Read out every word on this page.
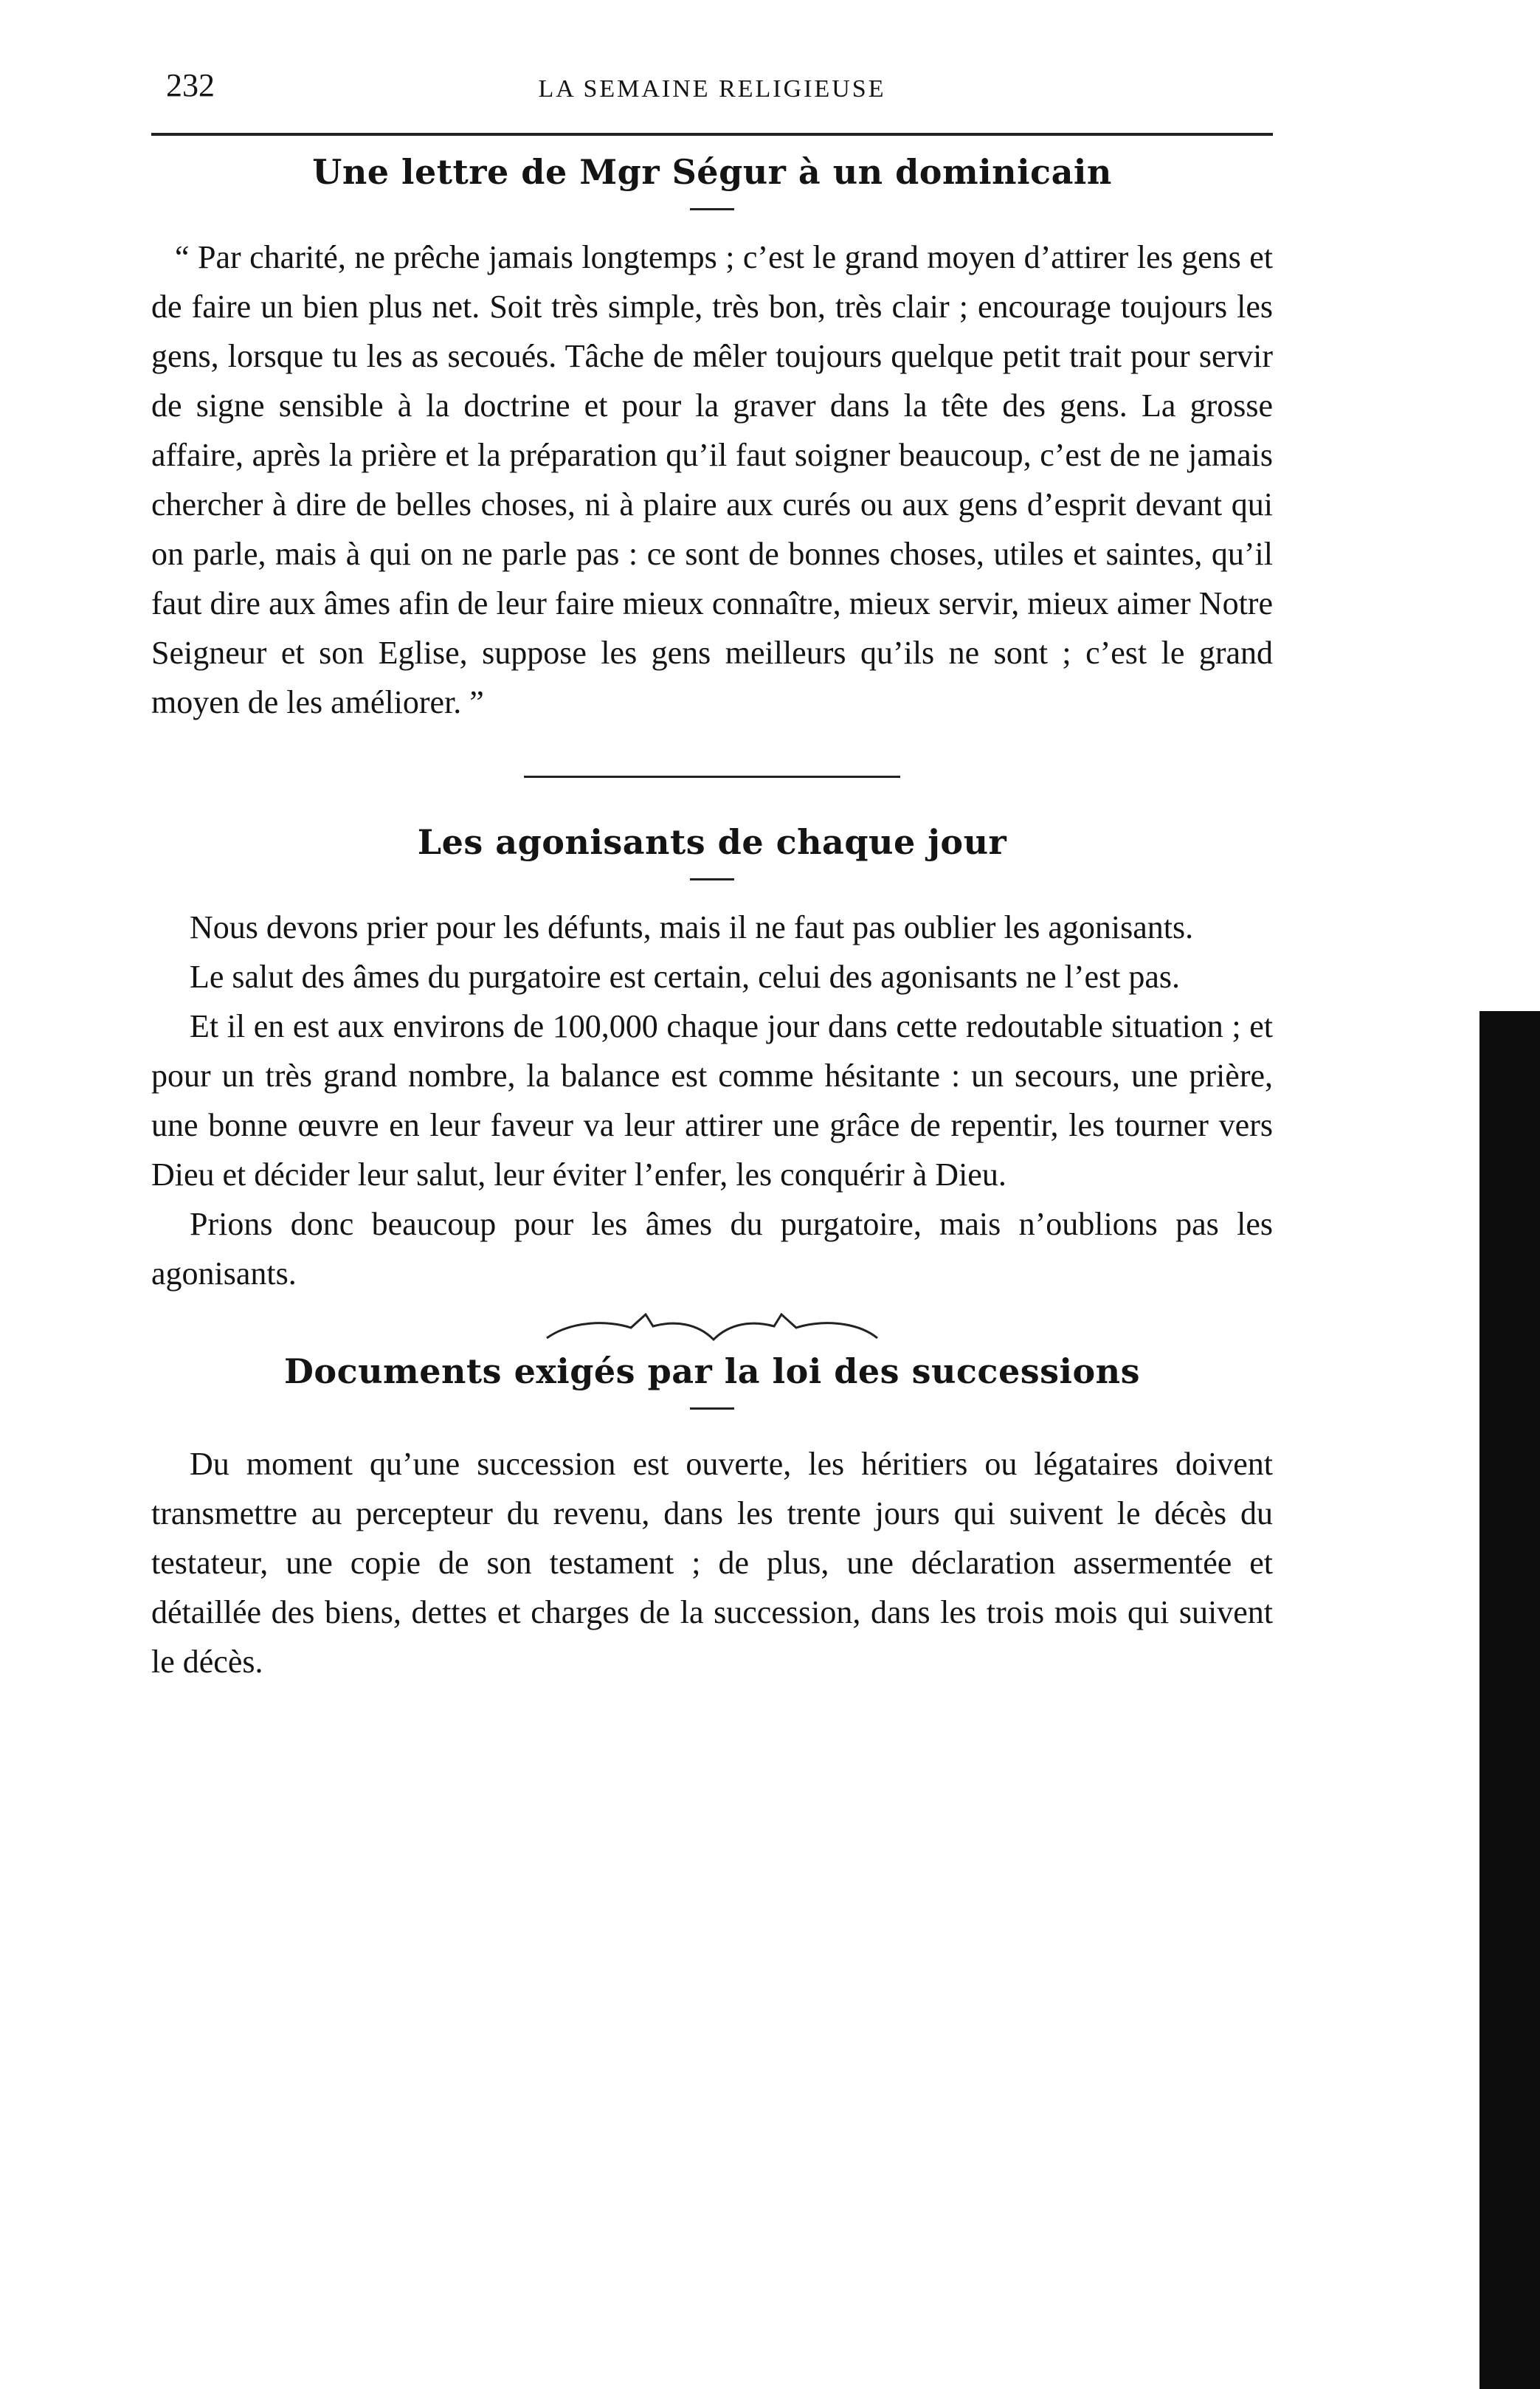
232	LA SEMAINE RELIGIEUSE
Une lettre de Mgr Ségur à un dominicain

“ Par charité, ne prêche jamais longtemps ; c’est le grand moyen d’attirer les gens et de faire un bien plus net. Soit très simple, très bon, très clair ; encourage toujours les gens, lorsque tu les as secoués. Tâche de mêler toujours quelque petit trait pour servir de signe sensible à la doctrine et pour la graver dans la tête des gens. La grosse affaire, après la prière et la préparation qu’il faut soigner beaucoup, c’est de ne jamais chercher à dire de belles choses, ni à plaire aux curés ou aux gens d’esprit devant qui on parle, mais à qui on ne parle pas : ce sont de bonnes choses, utiles et saintes, qu’il faut dire aux âmes afin de leur faire mieux connaître, mieux servir, mieux aimer Notre Seigneur et son Eglise, suppose les gens meilleurs qu’ils ne sont ; c’est le grand moyen de les améliorer. ”

Les agonisants de chaque jour

Nous devons prier pour les défunts, mais il ne faut pas oublier les agonisants.

Le salut des âmes du purgatoire est certain, celui des agonisants ne l’est pas.

Et il en est aux environs de 100,000 chaque jour dans cette redoutable situation ; et pour un très grand nombre, la balance est comme hésitante : un secours, une prière, une bonne œuvre en leur faveur va leur attirer une grâce de repentir, les tourner vers Dieu et décider leur salut, leur éviter l’enfer, les conquérir à Dieu.

Prions donc beaucoup pour les âmes du purgatoire, mais n’oublions pas les agonisants.

Documents exigés par la loi des successions

Du moment qu’une succession est ouverte, les héritiers ou légataires doivent transmettre au percepteur du revenu, dans les trente jours qui suivent le décès du testateur, une copie de son testament ; de plus, une déclaration assermentée et détaillée des biens, dettes et charges de la succession, dans les trois mois qui suivent le décès.
